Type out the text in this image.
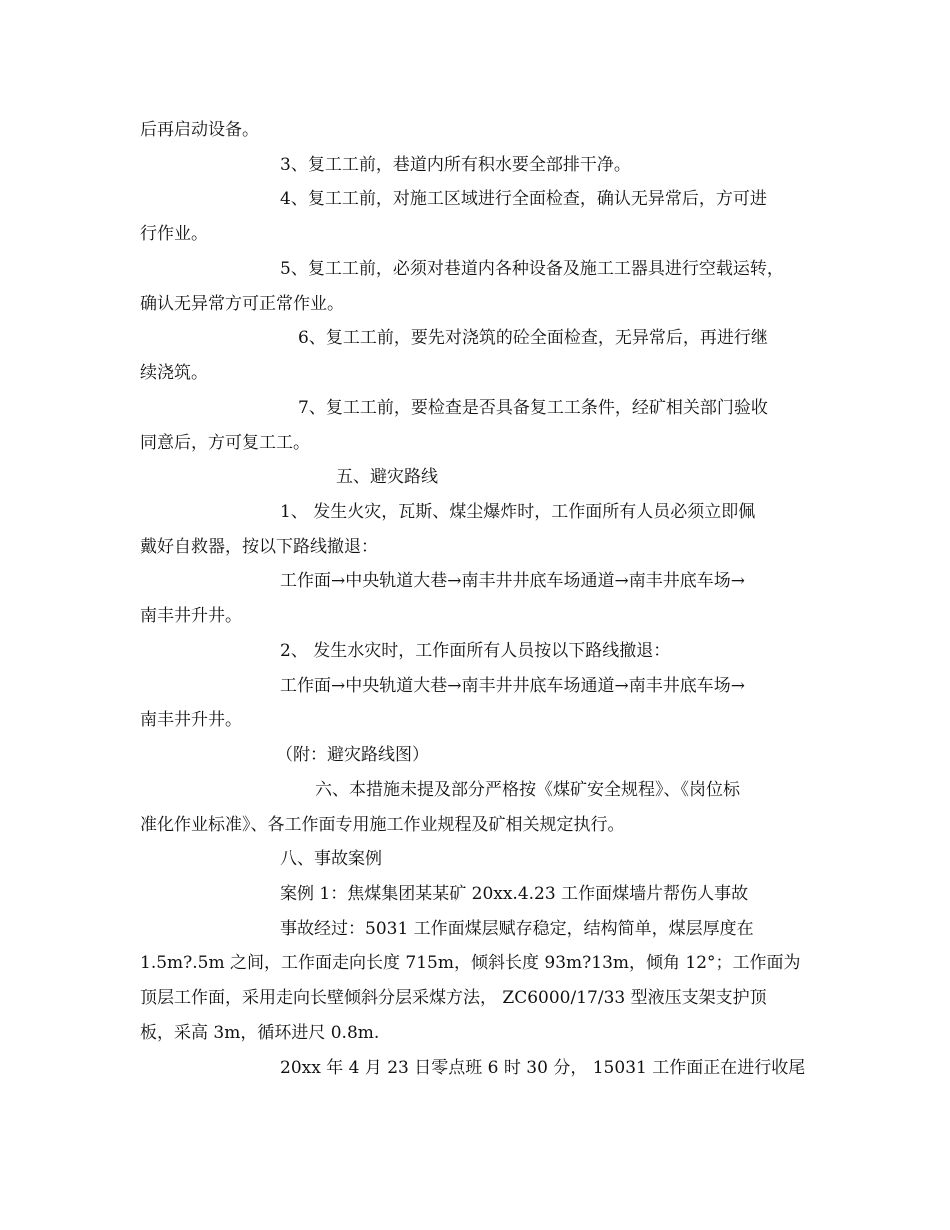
后再启动设备。

3、复工工前，巷道内所有积水要全部排干净。

4、复工工前，对施工区域进行全面检查，确认无异常后，方可进

行作业。

5、复工工前，必须对巷道内各种设备及施工工器具进行空载运转，

确认无异常方可正常作业。

6、复工工前，要先对浇筑的砼全面检查，无异常后，再进行继

续浇筑。

7、复工工前，要检查是否具备复工工条件，经矿相关部门验收

同意后，方可复工工。

五、避灾路线

1、 发生火灾，瓦斯、煤尘爆炸时，工作面所有人员必须立即佩

戴好自救器，按以下路线撤退：

工作面→中央轨道大巷→南丰井井底车场通道→南丰井底车场→

南丰井升井。

2、 发生水灾时，工作面所有人员按以下路线撤退：

工作面→中央轨道大巷→南丰井井底车场通道→南丰井底车场→

南丰井升井。

（附：避灾路线图）

六、本措施未提及部分严格按《煤矿安全规程》、《岗位标

准化作业标准》、各工作面专用施工作业规程及矿相关规定执行。

八、事故案例

案例 1：焦煤集团某某矿 20xx.4.23 工作面煤墙片帮伤人事故

事故经过：5031 工作面煤层赋存稳定，结构简单，煤层厚度在

1.5m?.5m 之间，工作面走向长度 715m，倾斜长度 93m?13m，倾角 12°；工作面为

顶层工作面，采用走向长壁倾斜分层采煤方法， ZC6000/17/33 型液压支架支护顶

板，采高 3m，循环进尺 0.8m.

20xx 年 4 月 23 日零点班 6 时 30 分， 15031 工作面正在进行收尾
